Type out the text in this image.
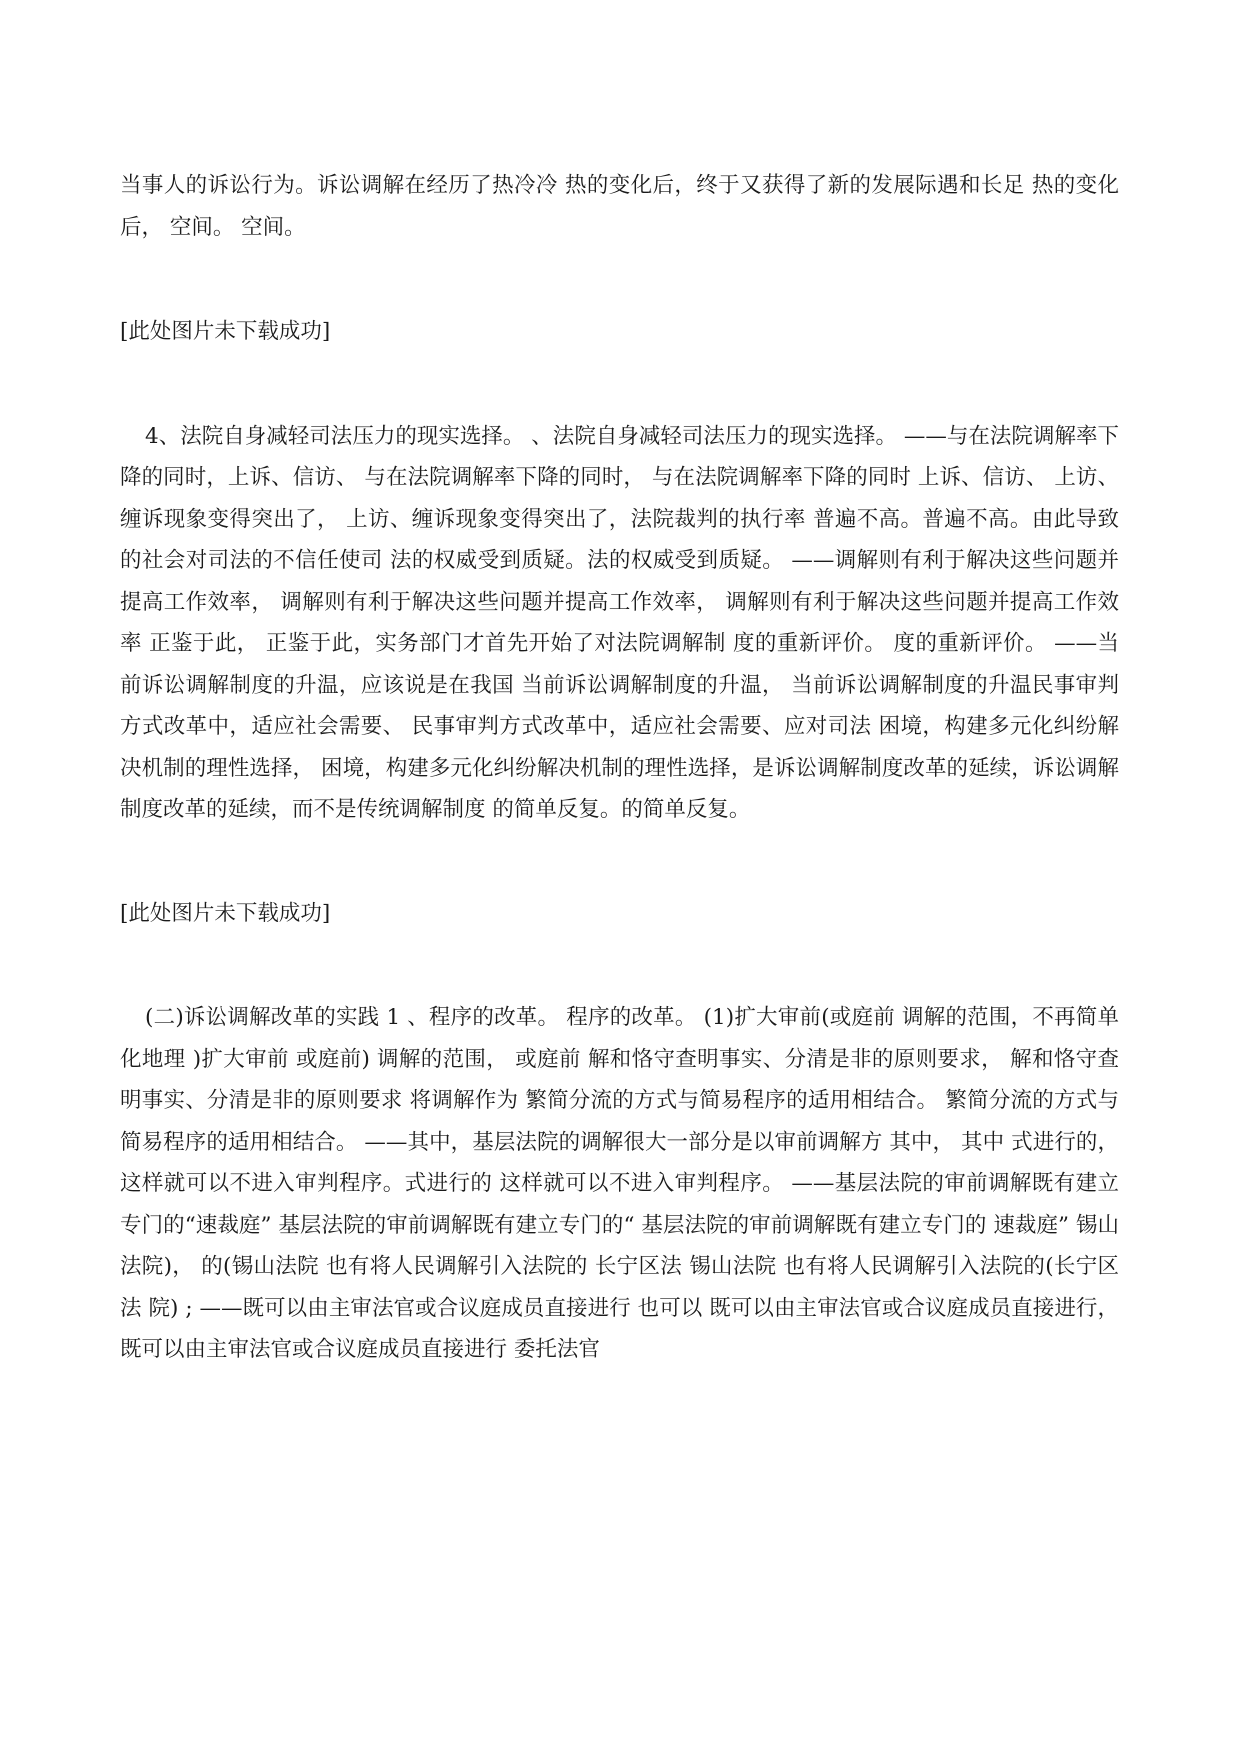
当事人的诉讼行为。诉讼调解在经历了热冷冷 热的变化后，终于又获得了新的发展际遇和长足 热的变化后， 空间。 空间。

[此处图片未下载成功]

4、法院自身减轻司法压力的现实选择。 、法院自身减轻司法压力的现实选择。 ——与在法院调解率下降的同时，上诉、信访、 与在法院调解率下降的同时， 与在法院调解率下降的同时 上诉、信访、 上访、缠诉现象变得突出了， 上访、缠诉现象变得突出了，法院裁判的执行率 普遍不高。普遍不高。由此导致的社会对司法的不信任使司 法的权威受到质疑。法的权威受到质疑。 ——调解则有利于解决这些问题并提高工作效率， 调解则有利于解决这些问题并提高工作效率， 调解则有利于解决这些问题并提高工作效率 正鉴于此， 正鉴于此，实务部门才首先开始了对法院调解制 度的重新评价。 度的重新评价。 ——当前诉讼调解制度的升温，应该说是在我国 当前诉讼调解制度的升温， 当前诉讼调解制度的升温民事审判方式改革中，适应社会需要、 民事审判方式改革中，适应社会需要、应对司法 困境，构建多元化纠纷解决机制的理性选择， 困境，构建多元化纠纷解决机制的理性选择，是诉讼调解制度改革的延续，诉讼调解制度改革的延续，而不是传统调解制度 的简单反复。的简单反复。

[此处图片未下载成功]

(二)诉讼调解改革的实践 1 、程序的改革。 程序的改革。 (1)扩大审前(或庭前 调解的范围，不再简单化地理 )扩大审前 或庭前) 调解的范围， 或庭前 解和恪守查明事实、分清是非的原则要求， 解和恪守查明事实、分清是非的原则要求 将调解作为 繁简分流的方式与简易程序的适用相结合。 繁简分流的方式与简易程序的适用相结合。 ——其中，基层法院的调解很大一部分是以审前调解方 其中， 其中 式进行的， 这样就可以不进入审判程序。式进行的 这样就可以不进入审判程序。 ——基层法院的审前调解既有建立专门的“速裁庭” 基层法院的审前调解既有建立专门的“ 基层法院的审前调解既有建立专门的 速裁庭” 锡山法院)， 的(锡山法院 也有将人民调解引入法院的 长宁区法 锡山法院 也有将人民调解引入法院的(长宁区法 院) ; ——既可以由主审法官或合议庭成员直接进行 也可以 既可以由主审法官或合议庭成员直接进行， 既可以由主审法官或合议庭成员直接进行 委托法官
